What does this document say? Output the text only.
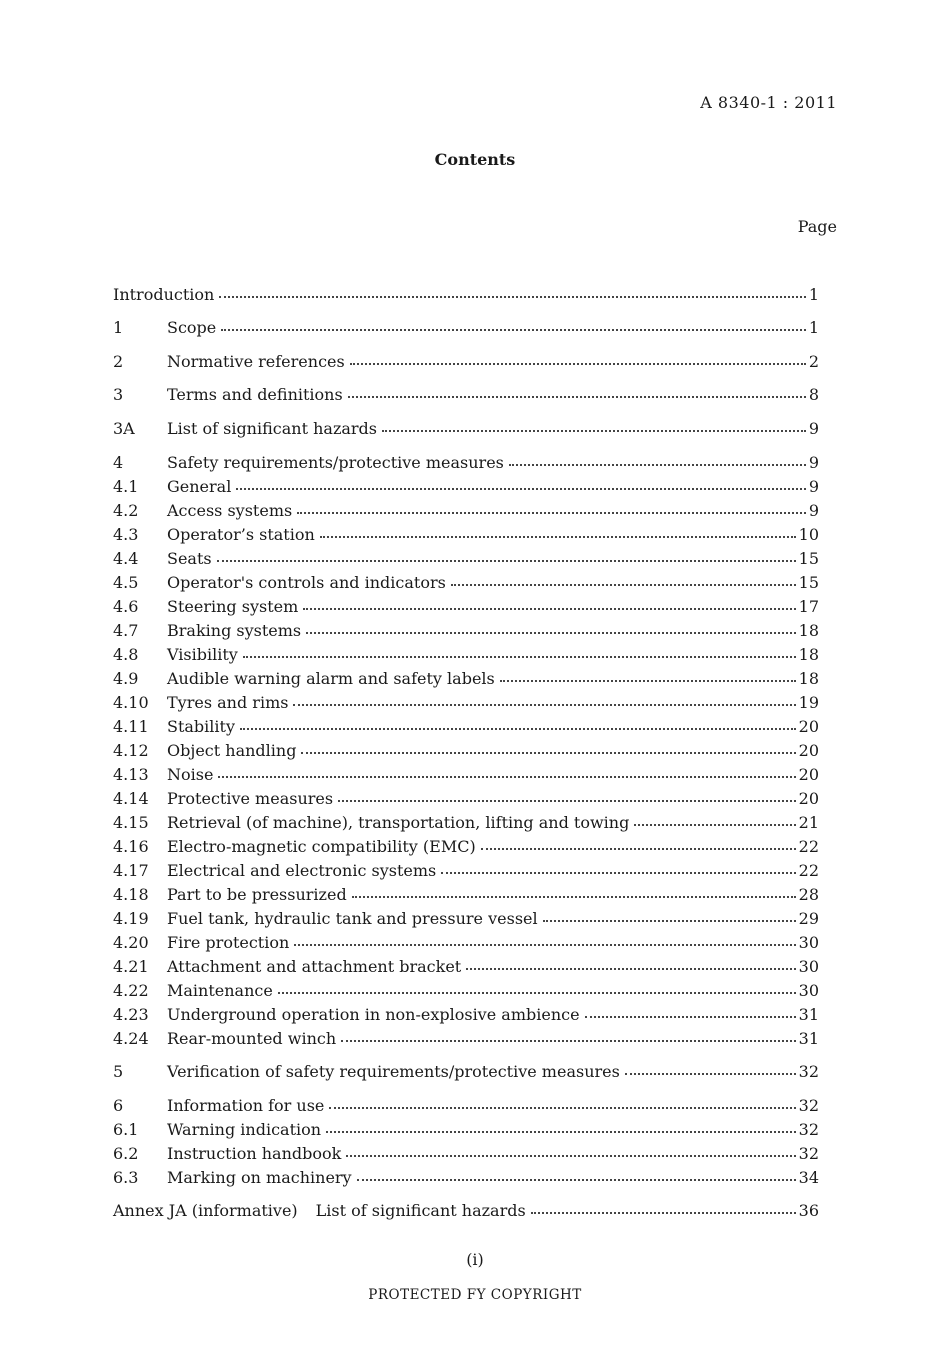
A 8340-1 : 2011
Contents
Page
Introduction	1
1	Scope	1
2	Normative references	2
3	Terms and definitions	8
3A	List of significant hazards	9
4	Safety requirements/protective measures	9
4.1	General	9
4.2	Access systems	9
4.3	Operator’s station	10
4.4	Seats	15
4.5	Operator's controls and indicators	15
4.6	Steering system	17
4.7	Braking systems	18
4.8	Visibility	18
4.9	Audible warning alarm and safety labels	18
4.10	Tyres and rims	19
4.11	Stability	20
4.12	Object handling	20
4.13	Noise	20
4.14	Protective measures	20
4.15	Retrieval (of machine), transportation, lifting and towing	21
4.16	Electro-magnetic compatibility (EMC)	22
4.17	Electrical and electronic systems	22
4.18	Part to be pressurized	28
4.19	Fuel tank, hydraulic tank and pressure vessel	29
4.20	Fire protection	30
4.21	Attachment and attachment bracket	30
4.22	Maintenance	30
4.23	Underground operation in non-explosive ambience	31
4.24	Rear-mounted winch	31
5	Verification of safety requirements/protective measures	32
6	Information for use	32
6.1	Warning indication	32
6.2	Instruction handbook	32
6.3	Marking on machinery	34
Annex JA (informative)	List of significant hazards	36
(i)
PROTECTED FY COPYRIGHT
